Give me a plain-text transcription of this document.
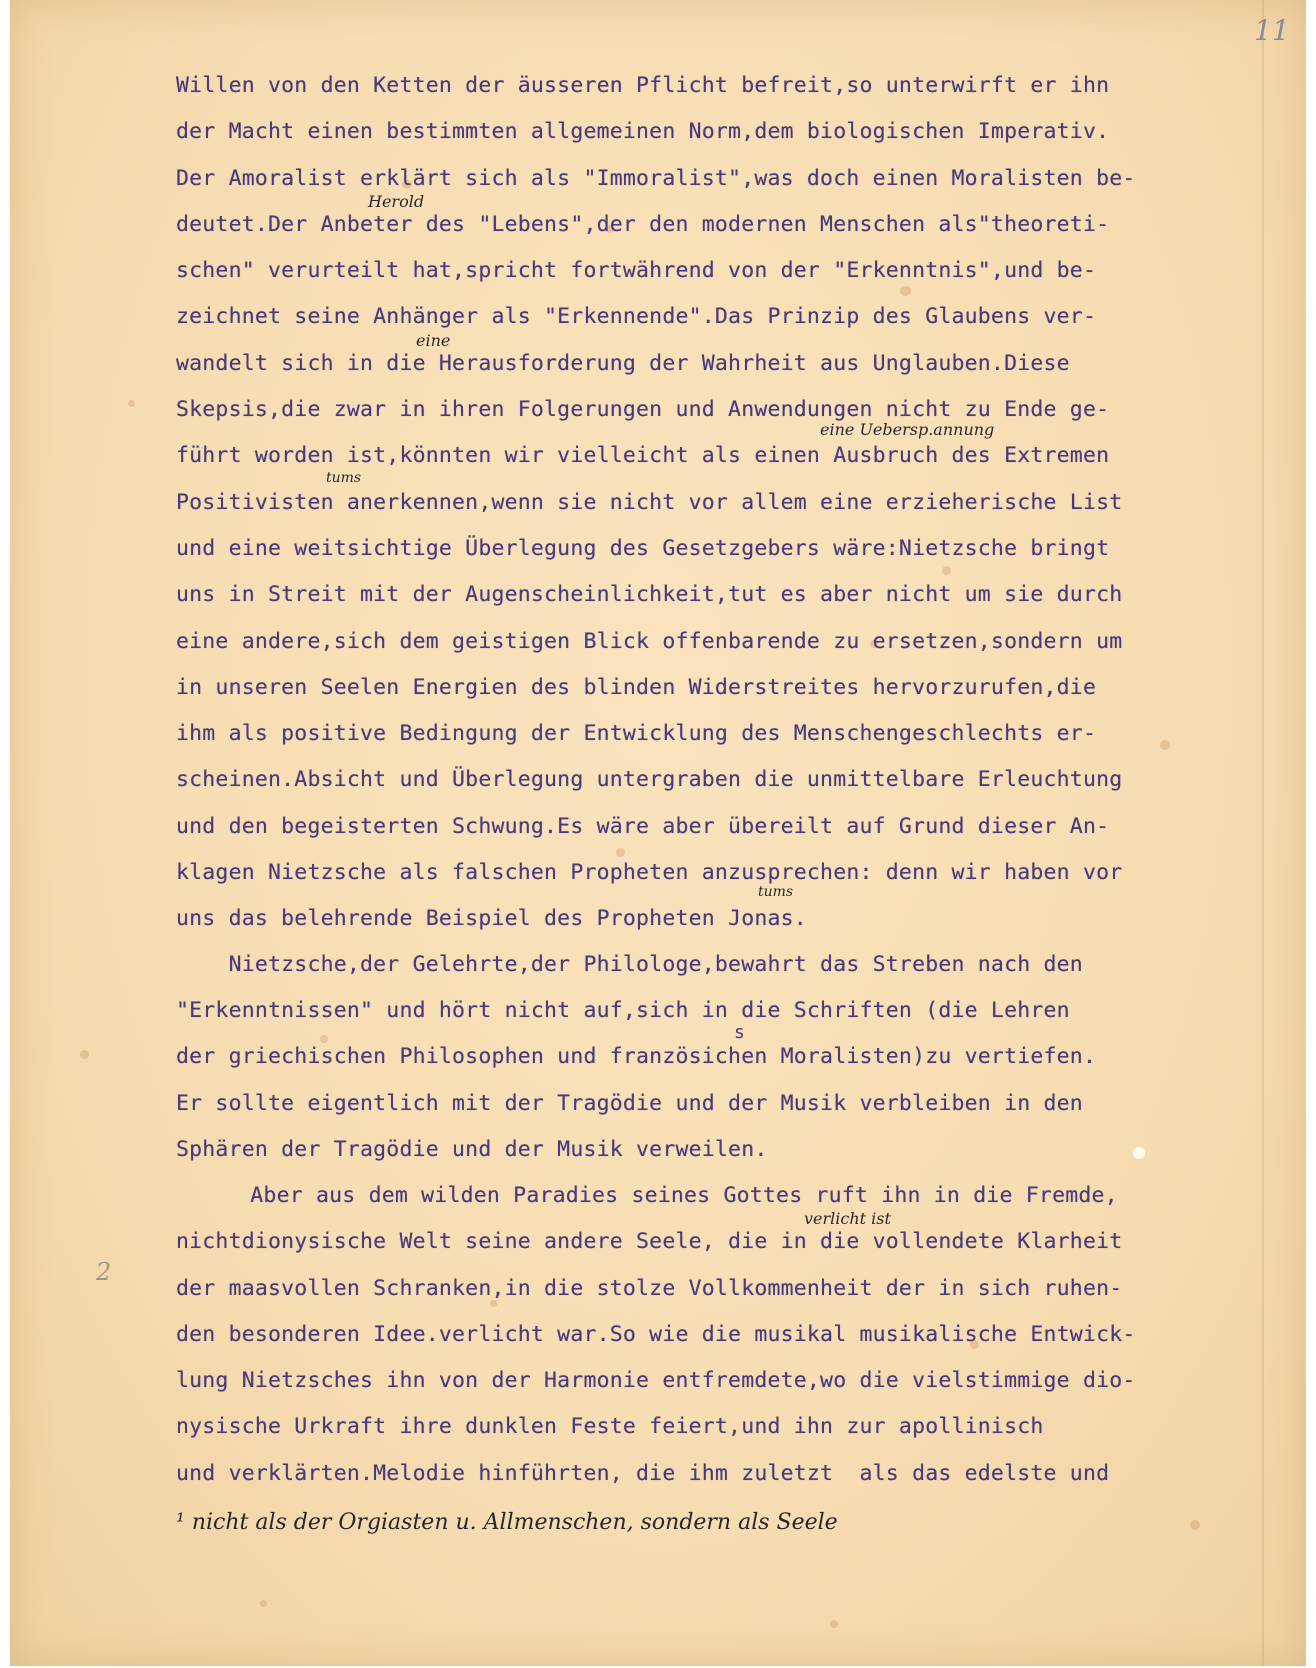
11
2
Willen von den Ketten der äusseren Pflicht befreit,so unterwirft er ihn
der Macht einen bestimmten allgemeinen Norm,dem biologischen Imperativ.
Der Amoralist erklärt sich als "Immoralist",was doch einen Moralisten be-
deutet.Der Anbeter des "Lebens",der den modernen Menschen als"theoreti-
schen" verurteilt hat,spricht fortwährend von der "Erkenntnis",und be-
zeichnet seine Anhänger als "Erkennende".Das Prinzip des Glaubens ver-
wandelt sich in die Herausforderung der Wahrheit aus Unglauben.Diese
Skepsis,die zwar in ihren Folgerungen und Anwendungen nicht zu Ende ge-
führt worden ist,könnten wir vielleicht als einen Ausbruch des Extremen
Positivisten anerkennen,wenn sie nicht vor allem eine erzieherische List
und eine weitsichtige Überlegung des Gesetzgebers wäre:Nietzsche bringt
uns in Streit mit der Augenscheinlichkeit,tut es aber nicht um sie durch
eine andere,sich dem geistigen Blick offenbarende zu ersetzen,sondern um
in unseren Seelen Energien des blinden Widerstreites hervorzurufen,die
ihm als positive Bedingung der Entwicklung des Menschengeschlechts er-
scheinen.Absicht und Überlegung untergraben die unmittelbare Erleuchtung
und den begeisterten Schwung.Es wäre aber übereilt auf Grund dieser An-
klagen Nietzsche als falschen Propheten anzusprechen: denn wir haben vor
uns das belehrende Beispiel des Propheten Jonas.
Nietzsche,der Gelehrte,der Philologe,bewahrt das Streben nach den
"Erkenntnissen" und hört nicht auf,sich in die Schriften (die Lehren
der griechischen Philosophen und französichen Moralisten)zu vertiefen.
Er sollte eigentlich mit der Tragödie und der Musik verbleiben in den
Sphären der Tragödie und der Musik verweilen.
Aber aus dem wilden Paradies seines Gottes ruft ihn in die Fremde,
nichtdionysische Welt seine andere Seele, die in die vollendete Klarheit
der maasvollen Schranken,in die stolze Vollkommenheit der in sich ruhen-
den besonderen Idee.verlicht war.So wie die musikal musikalische Entwick-
lung Nietzsches ihn von der Harmonie entfremdete,wo die vielstimmige dio-
nysische Urkraft ihre dunklen Feste feiert,und ihn zur apollinisch
und verklärten.Melodie hinführten, die ihm zuletzt  als das edelste und
Herold
eine
eine Uebersp.annung
tums
tums
s
verlicht ist
¹ nicht als der Orgiasten u. Allmenschen, sondern als Seele
